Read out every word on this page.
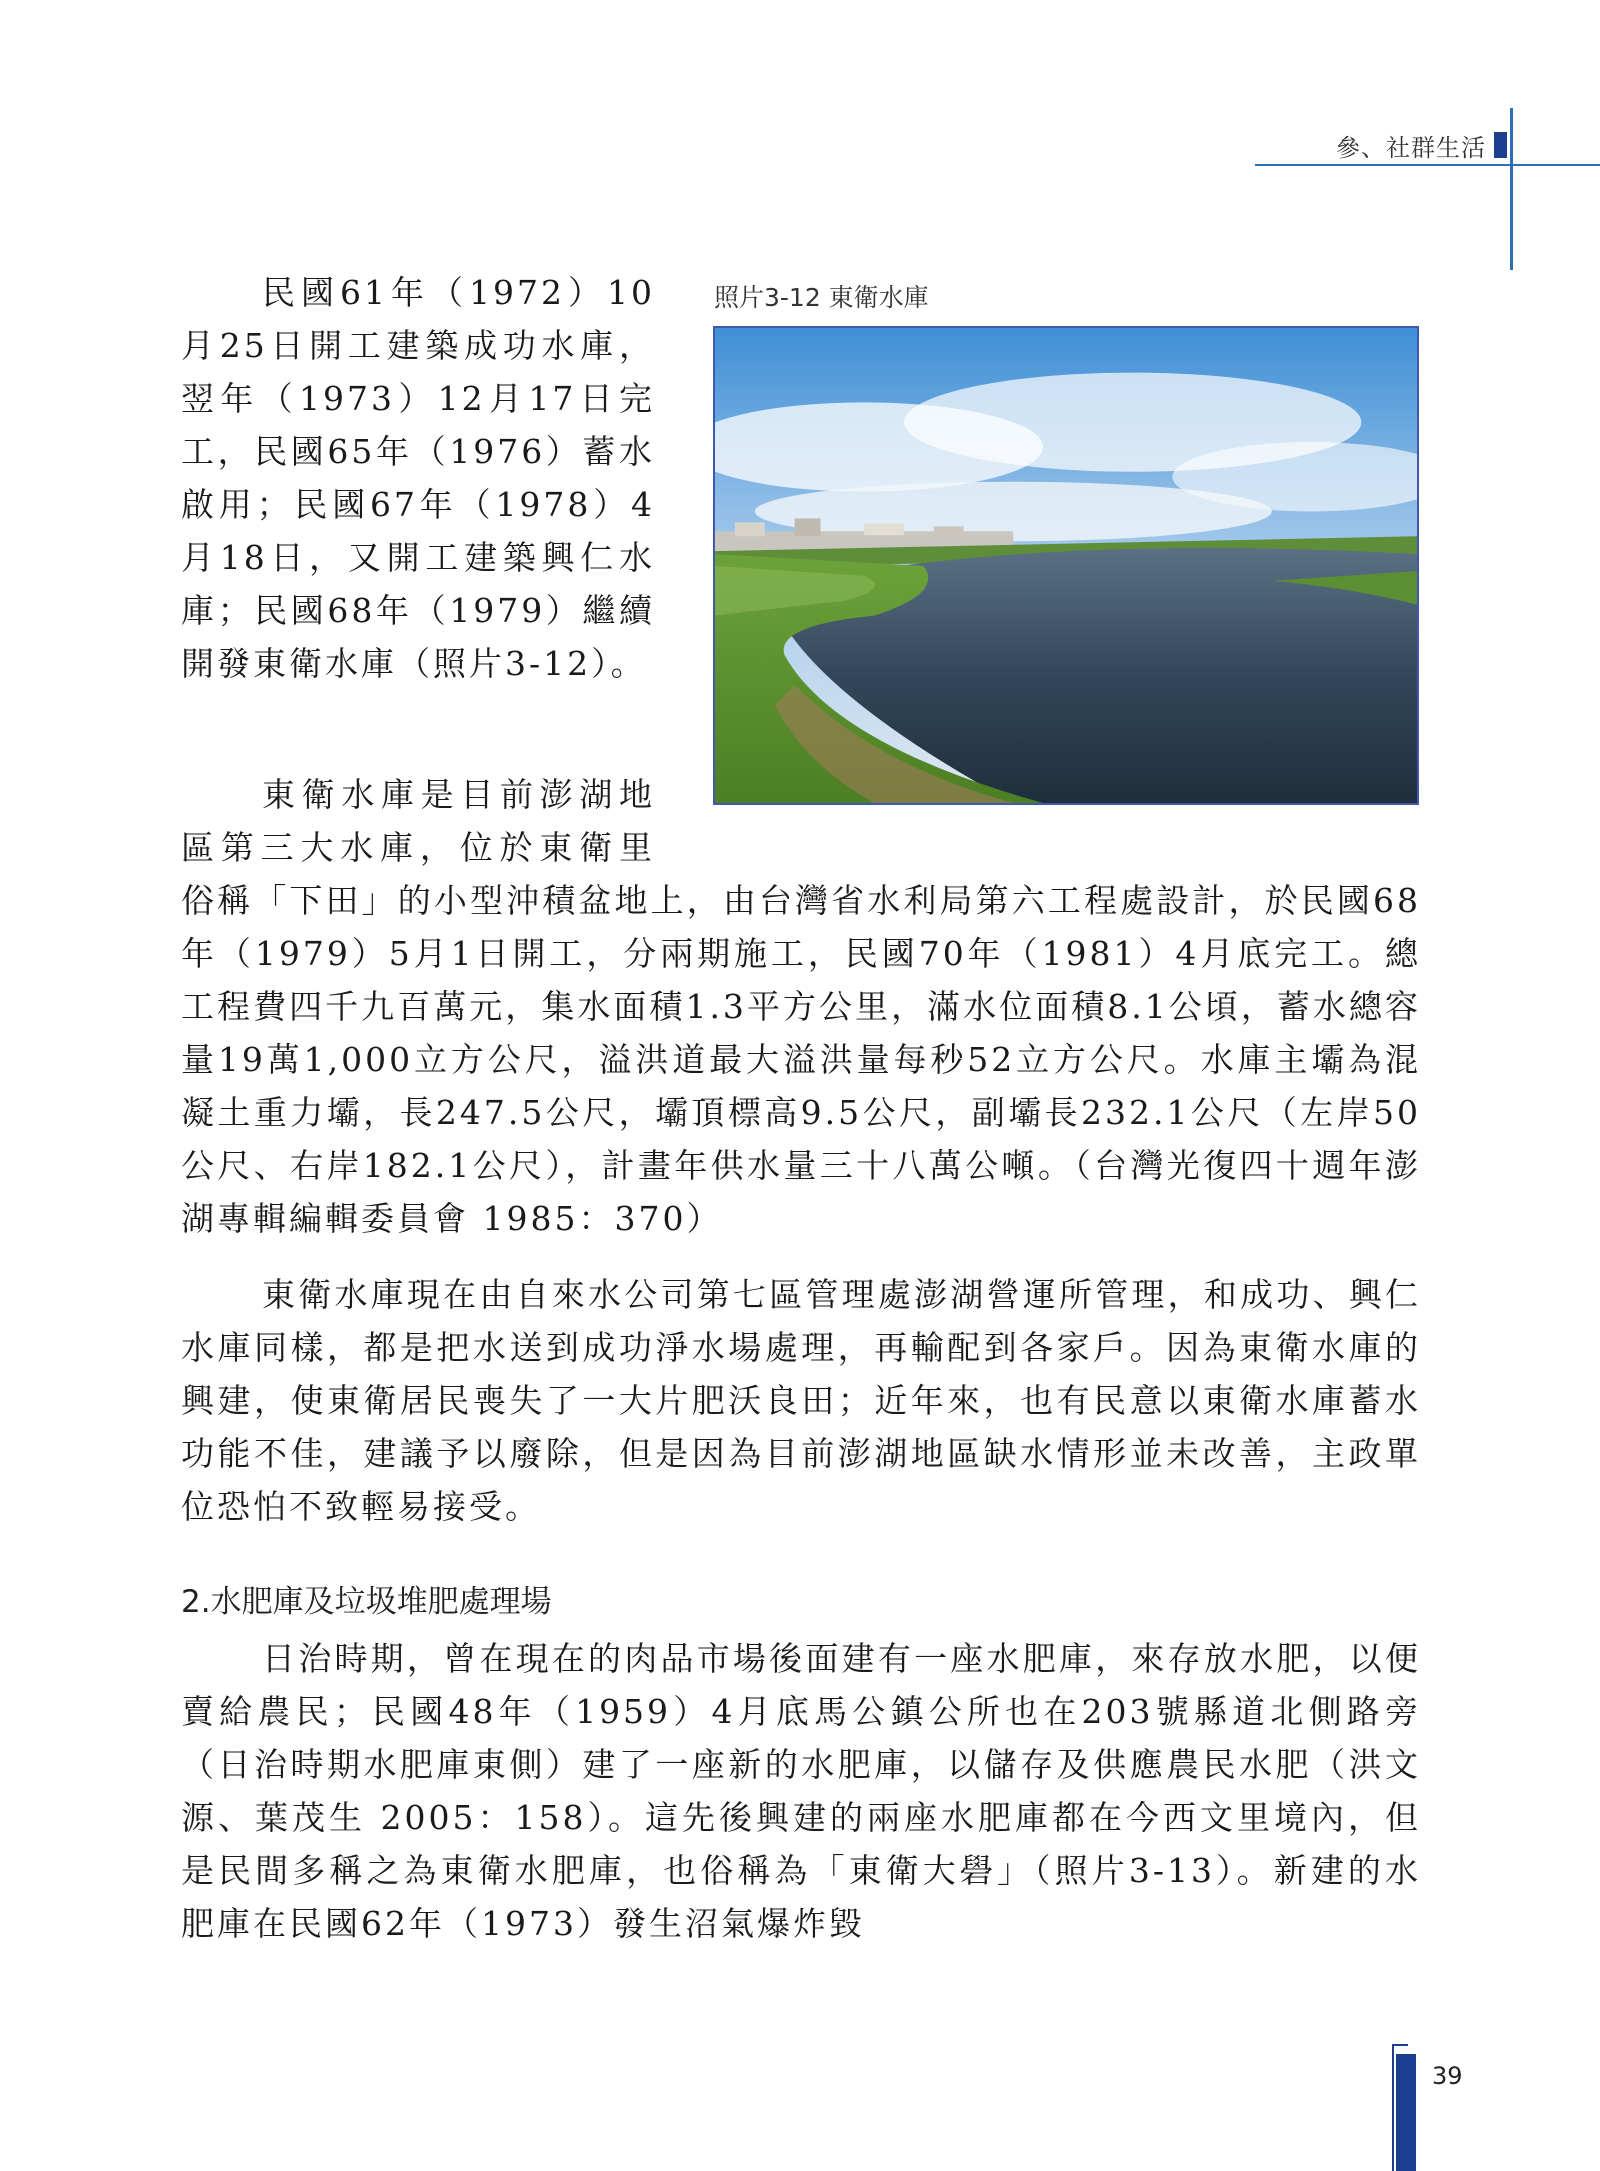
參、社群生活
照片3-12 東衛水庫

民國61年（1972）10月25日開工建築成功水庫，翌年（1973）12月17日完工，民國65年（1976）蓄水啟用；民國67年（1978）4月18日，又開工建築興仁水庫；民國68年（1979）繼續開發東衛水庫（照片3-12）。

東衛水庫是目前澎湖地
區第三大水庫，位於東衛里
俗稱「下田」的小型沖積盆地上，由台灣省水利局第六工程處設計，於民國68年（1979）5月1日開工，分兩期施工，民國70年（1981）4月底完工。總工程費四千九百萬元，集水面積1.3平方公里，滿水位面積8.1公頃，蓄水總容量19萬1,000立方公尺，溢洪道最大溢洪量每秒52立方公尺。水庫主壩為混凝土重力壩，長247.5公尺，壩頂標高9.5公尺，副壩長232.1公尺（左岸50公尺、右岸182.1公尺），計畫年供水量三十八萬公噸。（台灣光復四十週年澎湖專輯編輯委員會 1985：370）

東衛水庫現在由自來水公司第七區管理處澎湖營運所管理，和成功、興仁水庫同樣，都是把水送到成功淨水場處理，再輸配到各家戶。因為東衛水庫的興建，使東衛居民喪失了一大片肥沃良田；近年來，也有民意以東衛水庫蓄水功能不佳，建議予以廢除，但是因為目前澎湖地區缺水情形並未改善，主政單位恐怕不致輕易接受。

2.水肥庫及垃圾堆肥處理場

日治時期，曾在現在的肉品市場後面建有一座水肥庫，來存放水肥，以便賣給農民；民國48年（1959）4月底馬公鎮公所也在203號縣道北側路旁（日治時期水肥庫東側）建了一座新的水肥庫，以儲存及供應農民水肥（洪文源、葉茂生 2005：158）。這先後興建的兩座水肥庫都在今西文里境內，但是民間多稱之為東衛水肥庫，也俗稱為「東衛大礐」（照片3-13）。新建的水肥庫在民國62年（1973）發生沼氣爆炸毀

39
